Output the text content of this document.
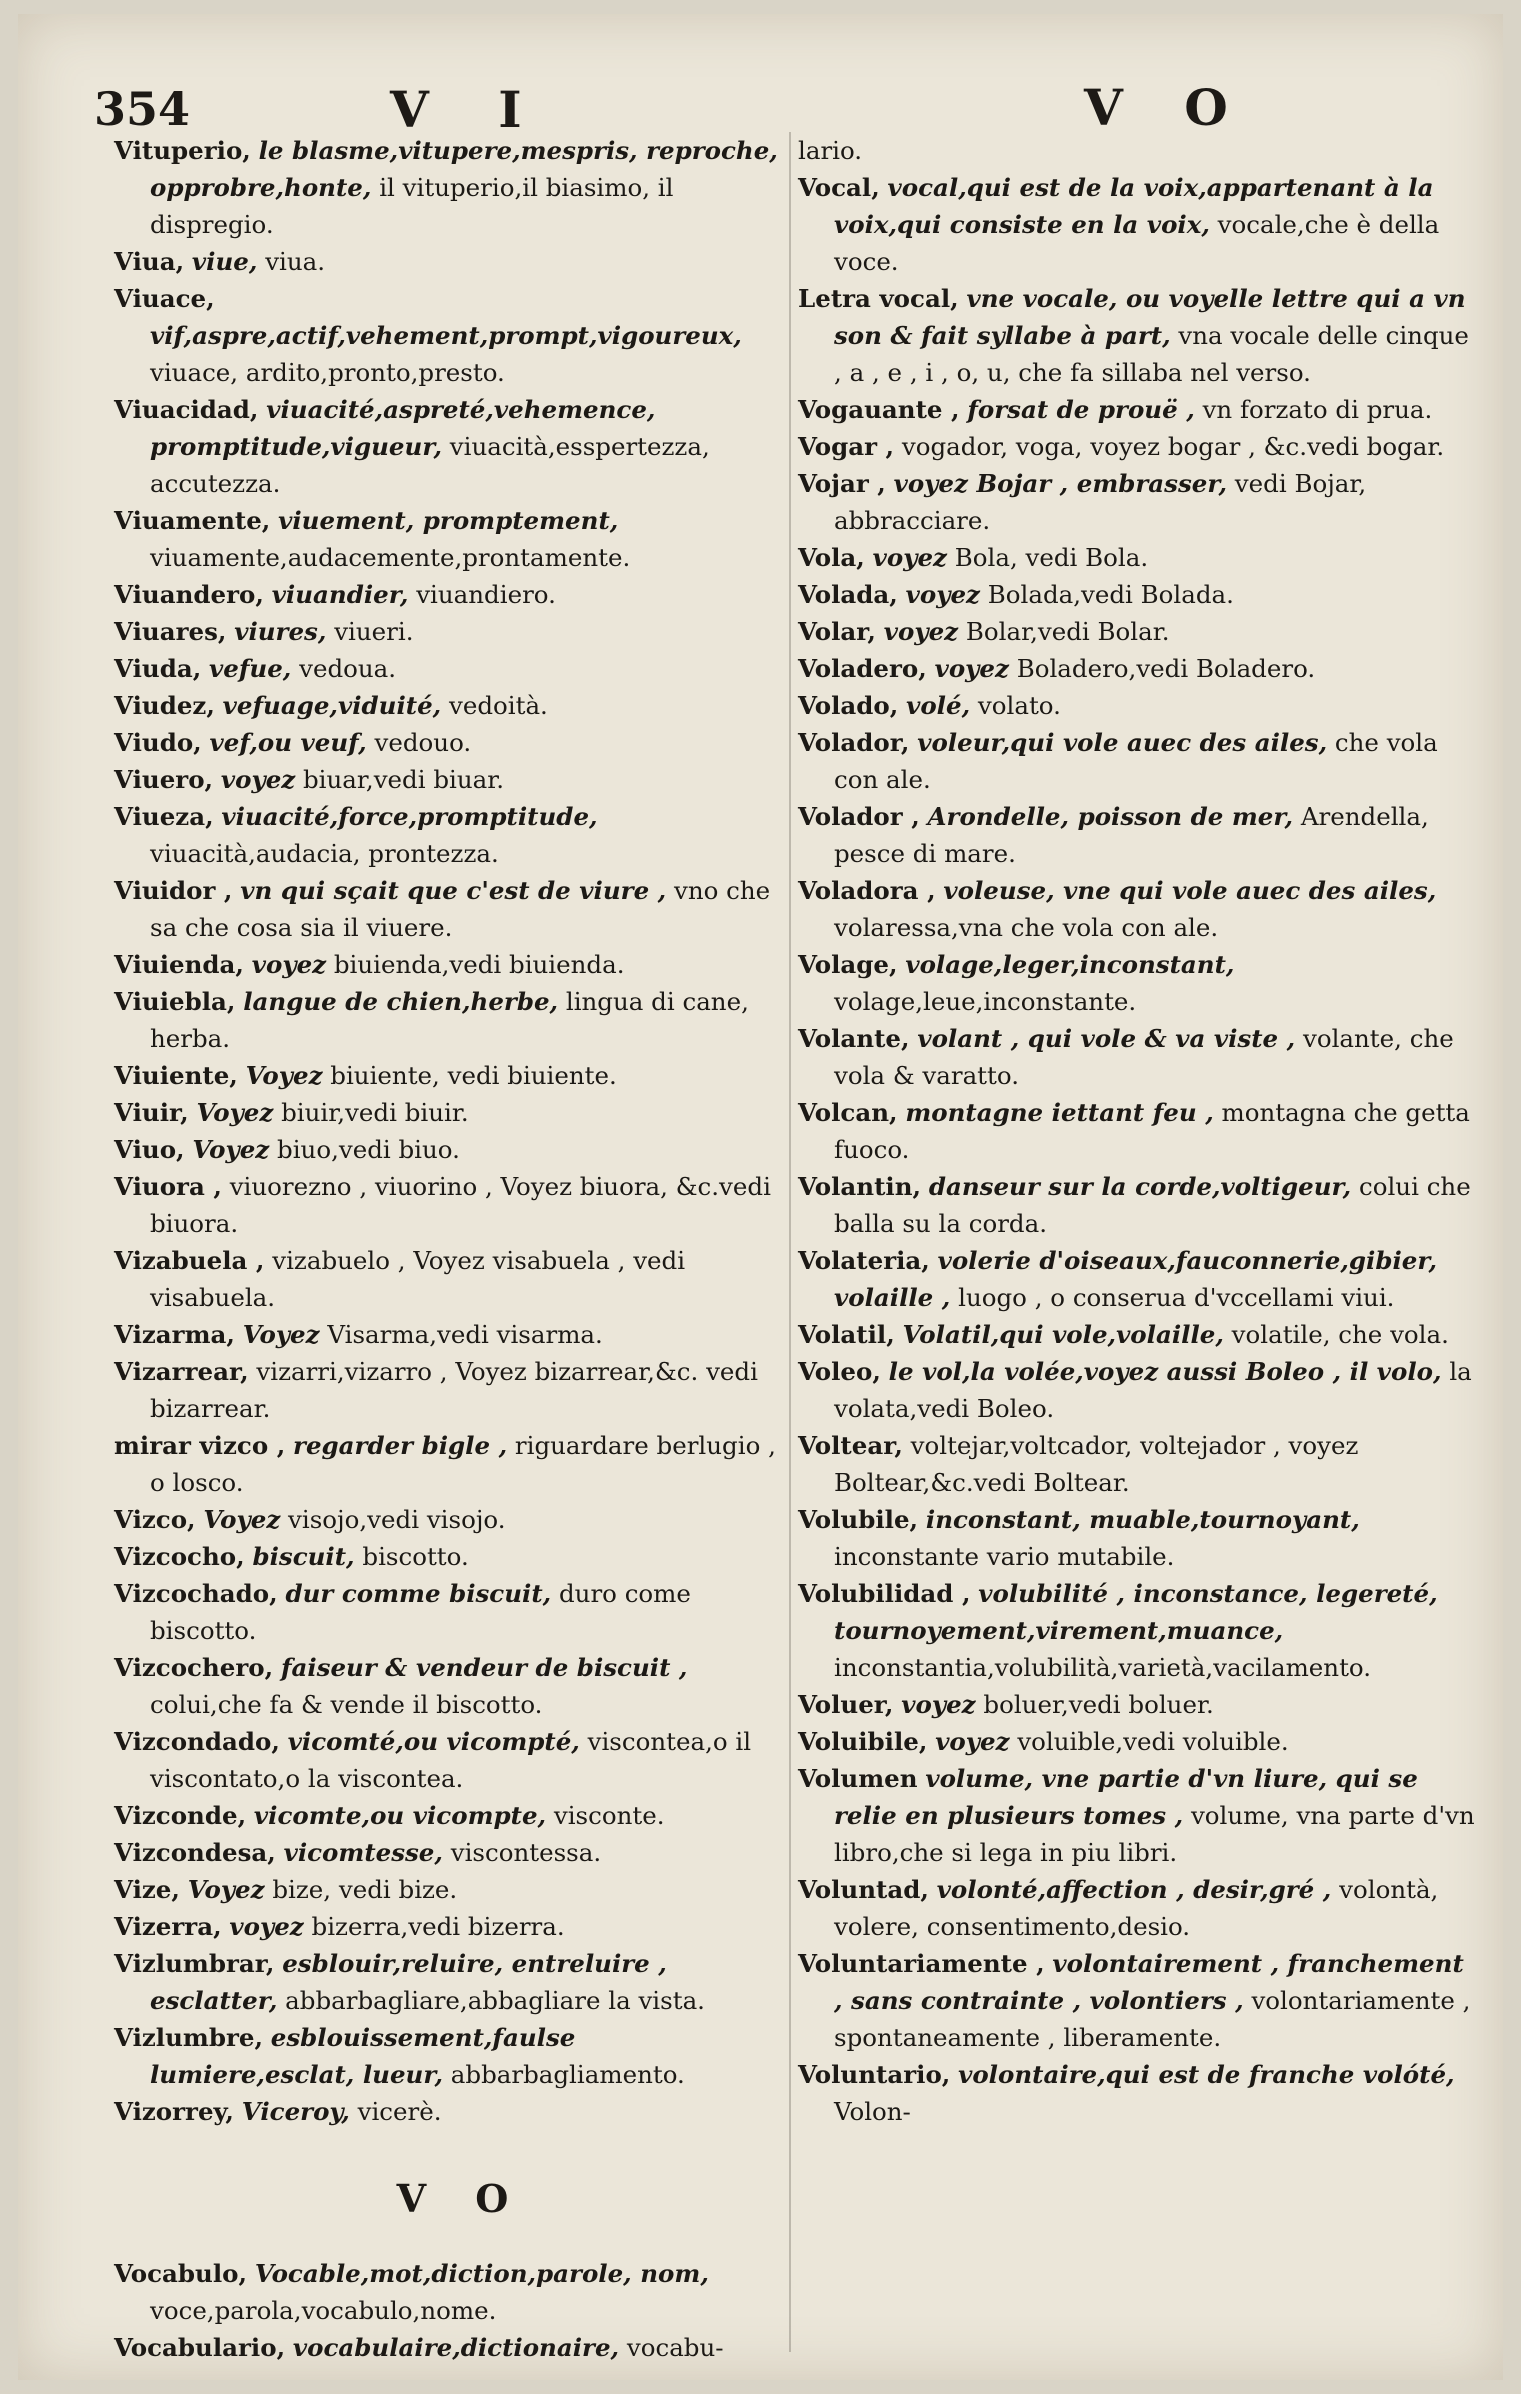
354	V I	V O

Vituperio, le blasme,vitupere,mespris, reproche, opprobre,honte, il vituperio,il biasimo, il dispregio.

Viua, viue, viua.

Viuace, vif,aspre,actif,vehement,prompt,vigoureux, viuace, ardito,pronto,presto.

Viuacidad, viuacité,aspreté,vehemence, promptitude,vigueur, viuacità,esspertezza, accutezza.

Viuamente, viuement, promptement, viuamente,audacemente,prontamente.

Viuandero, viuandier, viuandiero.

Viuares, viures, viueri.

Viuda, vefue, vedoua.

Viudez, vefuage,viduité, vedoità.

Viudo, vef,ou veuf, vedouo.

Viuero, voyez biuar,vedi biuar.

Viueza, viuacité,force,promptitude, viuacità,audacia, prontezza.

Viuidor , vn qui sçait que c'est de viure , vno che sa che cosa sia il viuere.

Viuienda, voyez biuienda,vedi biuienda.

Viuiebla, langue de chien,herbe, lingua di cane, herba.

Viuiente, Voyez biuiente, vedi biuiente.

Viuir, Voyez biuir,vedi biuir.

Viuo, Voyez biuo,vedi biuo.

Viuora , viuorezno , viuorino , Voyez biuora, &c.vedi biuora.

Vizabuela , vizabuelo , Voyez visabuela , vedi visabuela.

Vizarma, Voyez Visarma,vedi visarma.

Vizarrear, vizarri,vizarro , Voyez bizarrear,&c. vedi bizarrear.

mirar vizco , regarder bigle , riguardare berlugio , o losco.

Vizco, Voyez visojo,vedi visojo.

Vizcocho, biscuit, biscotto.

Vizcochado, dur comme biscuit, duro come biscotto.

Vizcochero, faiseur & vendeur de biscuit , colui,che fa & vende il biscotto.

Vizcondado, vicomté,ou vicompté, viscontea,o il viscontato,o la viscontea.

Vizconde, vicomte,ou vicompte, visconte.

Vizcondesa, vicomtesse, viscontessa.

Vize, Voyez bize, vedi bize.

Vizerra, voyez bizerra,vedi bizerra.

Vizlumbrar, esblouir,reluire, entreluire , esclatter, abbarbagliare,abbagliare la vista.

Vizlumbre, esblouissement,faulse lumiere,esclat, lueur, abbarbagliamento.

Vizorrey, Viceroy, vicerè.

V O

Vocabulo, Vocable,mot,diction,parole, nom, voce,parola,vocabulo,nome.

Vocabulario, vocabulaire,dictionaire, vocabu-

lario.

Vocal, vocal,qui est de la voix,appartenant à la voix,qui consiste en la voix, vocale,che è della voce.

Letra vocal, vne vocale, ou voyelle lettre qui a vn son & fait syllabe à part, vna vocale delle cinque , a , e , i , o, u, che fa sillaba nel verso.

Vogauante , forsat de prouë , vn forzato di prua.

Vogar , vogador, voga, voyez bogar , &c.vedi bogar.

Vojar , voyez Bojar , embrasser, vedi Bojar, abbracciare.

Vola, voyez Bola, vedi Bola.

Volada, voyez Bolada,vedi Bolada.

Volar, voyez Bolar,vedi Bolar.

Voladero, voyez Boladero,vedi Boladero.

Volado, volé, volato.

Volador, voleur,qui vole auec des ailes, che vola con ale.

Volador , Arondelle, poisson de mer, Arendella, pesce di mare.

Voladora , voleuse, vne qui vole auec des ailes, volaressa,vna che vola con ale.

Volage, volage,leger,inconstant, volage,leue,inconstante.

Volante, volant , qui vole & va viste , volante, che vola & varatto.

Volcan, montagne iettant feu , montagna che getta fuoco.

Volantin, danseur sur la corde,voltigeur, colui che balla su la corda.

Volateria, volerie d'oiseaux,fauconnerie,gibier, volaille , luogo , o conserua d'vccellami viui.

Volatil, Volatil,qui vole,volaille, volatile, che vola.

Voleo, le vol,la volée,voyez aussi Boleo , il volo, la volata,vedi Boleo.

Voltear, voltejar,voltcador, voltejador , voyez Boltear,&c.vedi Boltear.

Volubile, inconstant, muable,tournoyant, inconstante vario mutabile.

Volubilidad , volubilité , inconstance, legereté, tournoyement,virement,muance, inconstantia,volubilità,varietà,vacilamento.

Voluer, voyez boluer,vedi boluer.

Voluibile, voyez voluible,vedi voluible.

Volumen volume, vne partie d'vn liure, qui se relie en plusieurs tomes , volume, vna parte d'vn libro,che si lega in piu libri.

Voluntad, volonté,affection , desir,gré , volontà, volere, consentimento,desio.

Voluntariamente , volontairement , franchement , sans contrainte , volontiers , volontariamente , spontaneamente , liberamente.

Voluntario, volontaire,qui est de franche volóté, Volon-
